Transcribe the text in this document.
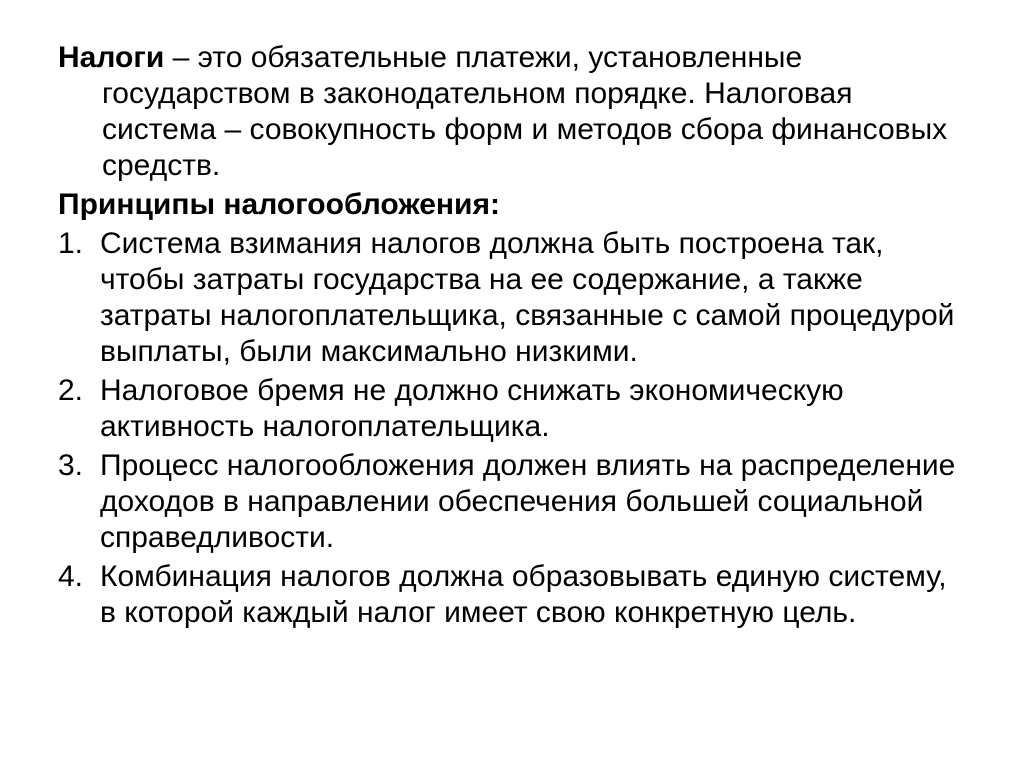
Налоги – это обязательные платежи, установленные государством в законодательном порядке. Налоговая система – совокупность форм и методов сбора финансовых средств.

Принципы налогообложения:

1. Система взимания налогов должна быть построена так, чтобы затраты государства на ее содержание, а также затраты налогоплательщика, связанные с самой процедурой выплаты, были максимально низкими.
2. Налоговое бремя не должно снижать экономическую активность налогоплательщика.
3. Процесс налогообложения должен влиять на распределение доходов в направлении обеспечения большей социальной справедливости.
4. Комбинация налогов должна образовывать единую систему, в которой каждый налог имеет свою конкретную цель.
